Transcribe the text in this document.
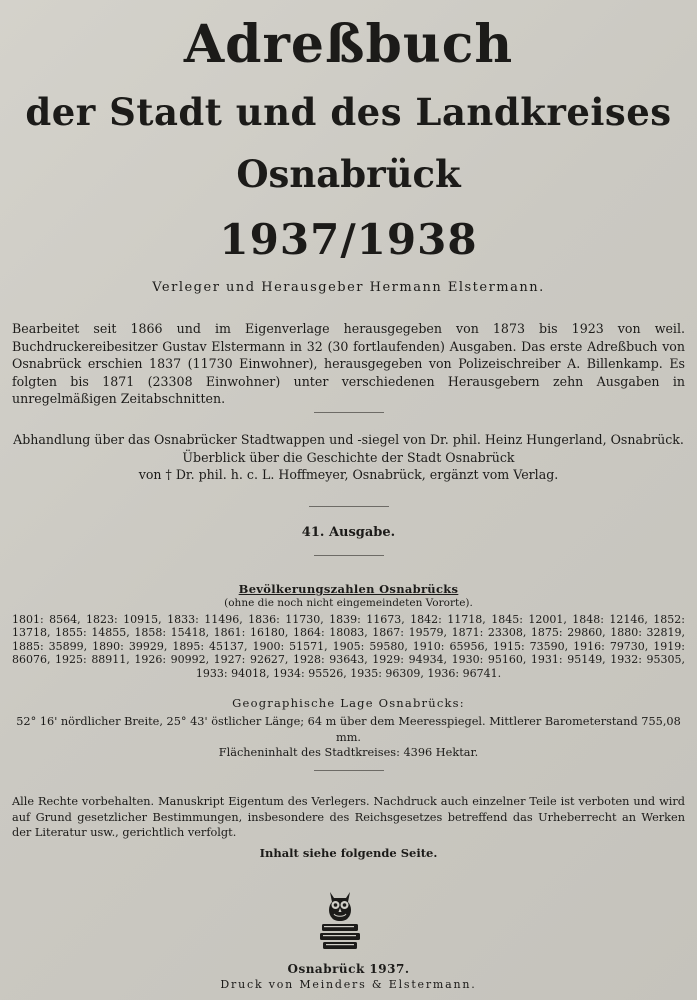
Adreßbuch
der Stadt und des Landkreises
Osnabrück
1937/1938
Verleger und Herausgeber Hermann Elstermann.
Bearbeitet seit 1866 und im Eigenverlage herausgegeben von 1873 bis 1923 von weil. Buchdruckereibesitzer Gustav Elstermann in 32 (30 fortlaufenden) Ausgaben. Das erste Adreßbuch von Osnabrück erschien 1837 (11730 Einwohner), herausgegeben von Polizeischreiber A. Billenkamp. Es folgten bis 1871 (23308 Einwohner) unter verschiedenen Herausgebern zehn Ausgaben in unregelmäßigen Zeitabschnitten.
Abhandlung über das Osnabrücker Stadtwappen und -siegel von Dr. phil. Heinz Hungerland, Osnabrück.
Überblick über die Geschichte der Stadt Osnabrück
von † Dr. phil. h. c. L. Hoffmeyer, Osnabrück, ergänzt vom Verlag.
41. Ausgabe.
Bevölkerungszahlen Osnabrücks
(ohne die noch nicht eingemeindeten Vororte).
1801: 8564, 1823: 10915, 1833: 11496, 1836: 11730, 1839: 11673, 1842: 11718, 1845: 12001, 1848: 12146, 1852: 13718, 1855: 14855, 1858: 15418, 1861: 16180, 1864: 18083, 1867: 19579, 1871: 23308, 1875: 29860, 1880: 32819, 1885: 35899, 1890: 39929, 1895: 45137, 1900: 51571, 1905: 59580, 1910: 65956, 1915: 73590, 1916: 79730, 1919: 86076, 1925: 88911, 1926: 90992, 1927: 92627, 1928: 93643, 1929: 94934, 1930: 95160, 1931: 95149, 1932: 95305, 1933: 94018, 1934: 95526, 1935: 96309, 1936: 96741.
Geographische Lage Osnabrücks:
52° 16' nördlicher Breite, 25° 43' östlicher Länge; 64 m über dem Meeresspiegel. Mittlerer Barometerstand 755,08 mm.
Flächeninhalt des Stadtkreises: 4396 Hektar.
Alle Rechte vorbehalten. Manuskript Eigentum des Verlegers. Nachdruck auch einzelner Teile ist verboten und wird auf Grund gesetzlicher Bestimmungen, insbesondere des Reichsgesetzes betreffend das Urheberrecht an Werken der Literatur usw., gerichtlich verfolgt.
Inhalt siehe folgende Seite.
Osnabrück 1937.
Druck von Meinders & Elstermann.
